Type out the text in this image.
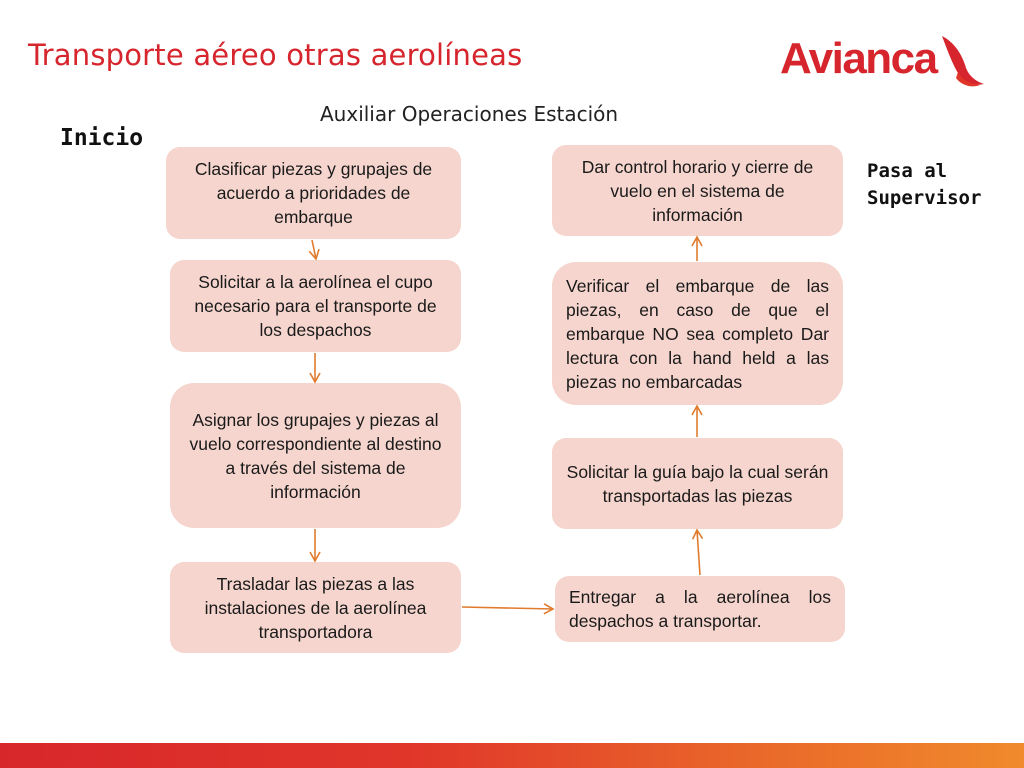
Transporte aéreo otras aerolíneas	Avianca
Auxiliar Operaciones Estación
Inicio
Pasa al
Supervisor
Clasificar piezas y grupajes de acuerdo a prioridades de embarque
Solicitar a la aerolínea el cupo necesario para el transporte de los despachos
Asignar los grupajes y piezas al vuelo correspondiente al destino a través del sistema de información
Trasladar las piezas a las instalaciones de la aerolínea transportadora
Entregar a la aerolínea los despachos a transportar.
Solicitar la guía bajo la cual serán transportadas las piezas
Verificar el embarque de las piezas, en caso de que el embarque NO sea completo Dar lectura con la hand held a las piezas no embarcadas
Dar control horario y cierre de vuelo en el sistema de información
